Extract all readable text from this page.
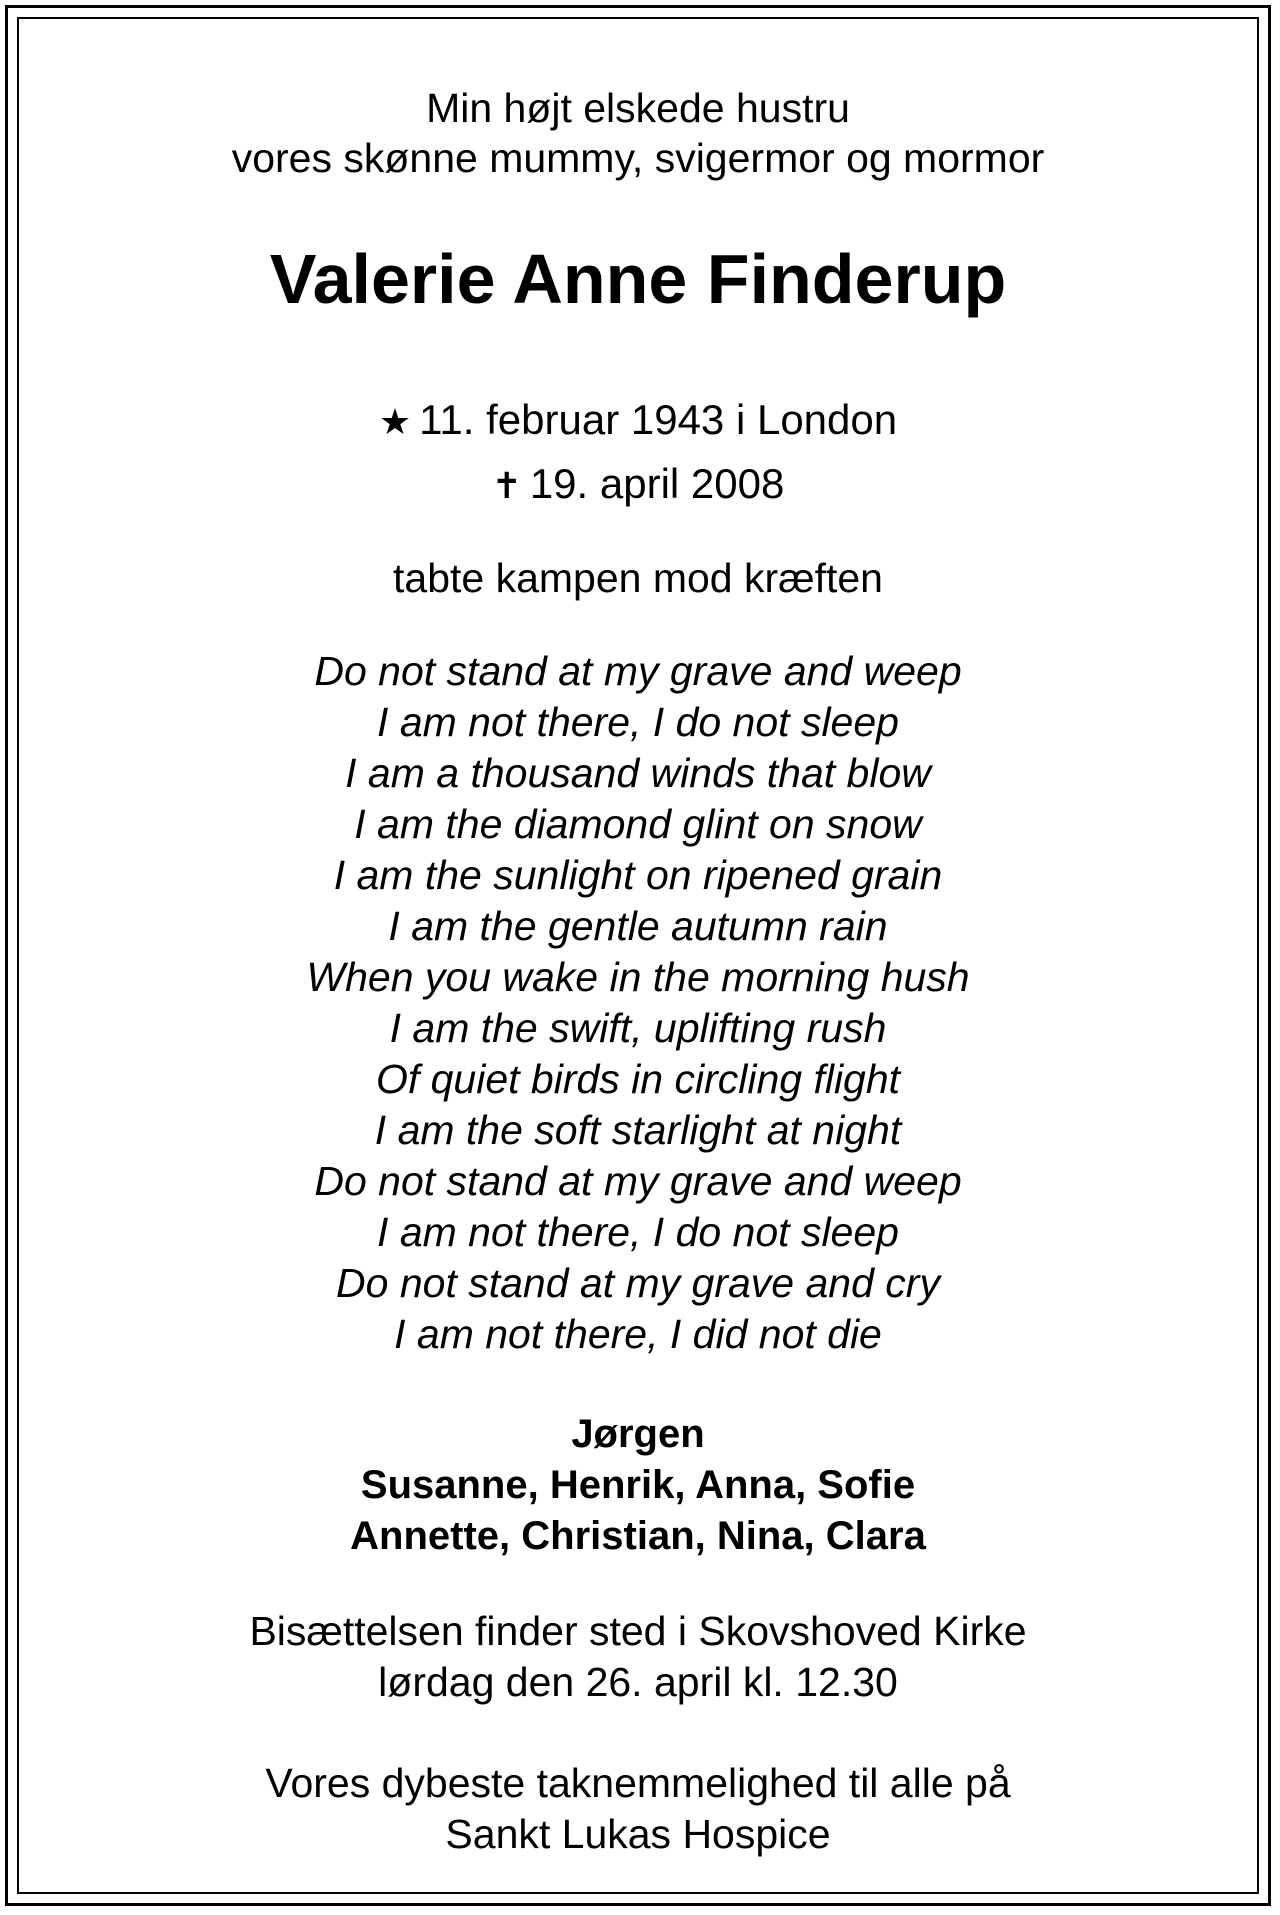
Min højt elskede hustru
vores skønne mummy, svigermor og mormor
Valerie Anne Finderup
★ 11. februar 1943 i London
✝ 19. april 2008
tabte kampen mod kræften
Do not stand at my grave and weep
I am not there, I do not sleep
I am a thousand winds that blow
I am the diamond glint on snow
I am the sunlight on ripened grain
I am the gentle autumn rain
When you wake in the morning hush
I am the swift, uplifting rush
Of quiet birds in circling flight
I am the soft starlight at night
Do not stand at my grave and weep
I am not there, I do not sleep
Do not stand at my grave and cry
I am not there, I did not die
Jørgen
Susanne, Henrik, Anna, Sofie
Annette, Christian, Nina, Clara
Bisættelsen finder sted i Skovshoved Kirke
lørdag den 26. april kl. 12.30
Vores dybeste taknemmelighed til alle på
Sankt Lukas Hospice
